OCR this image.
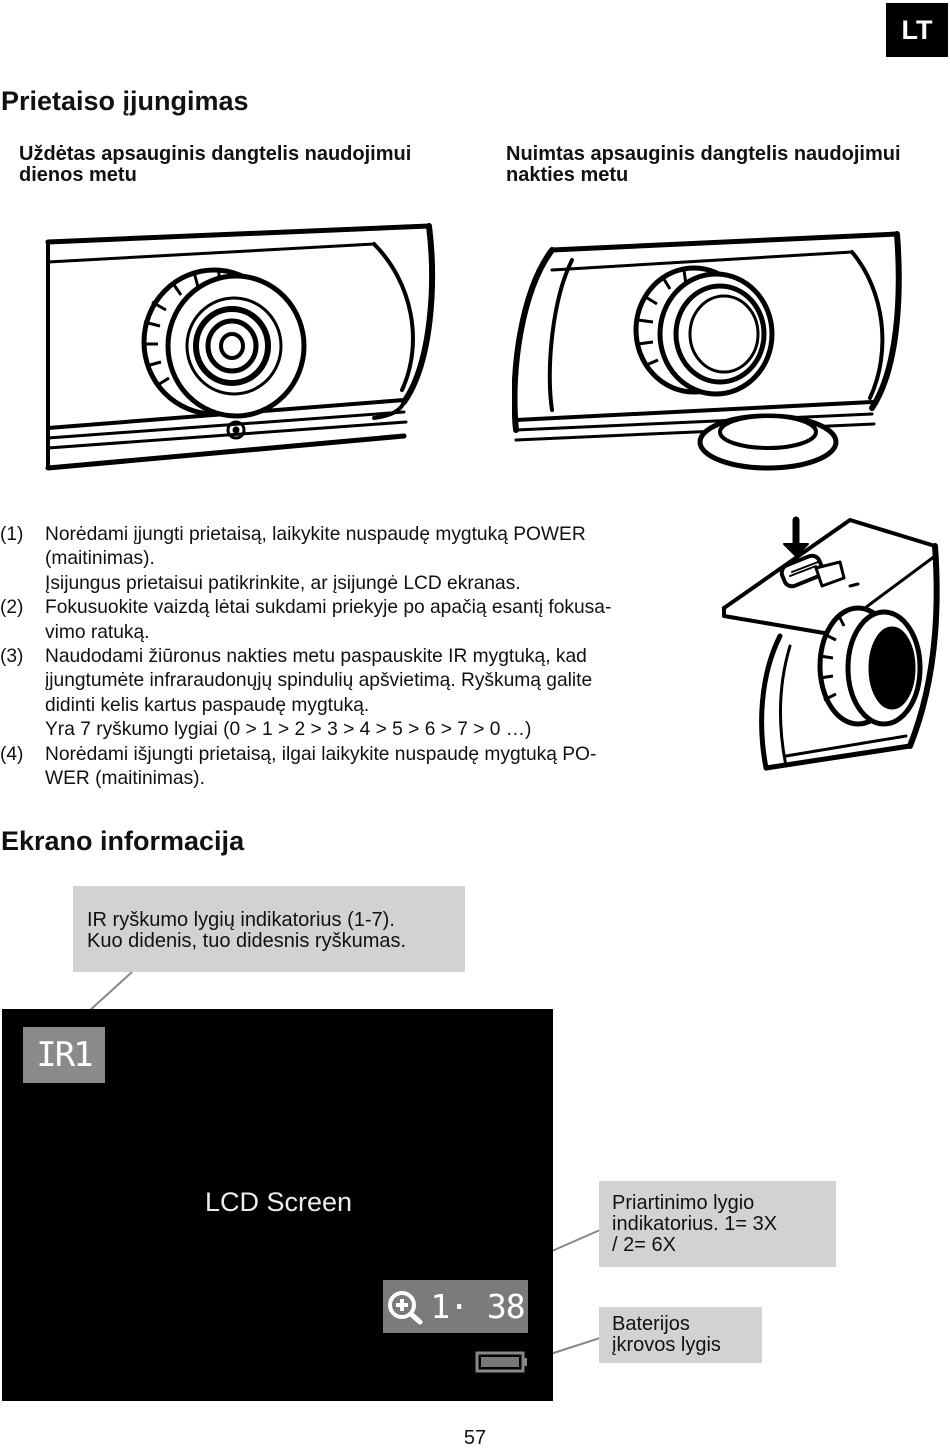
LT
Prietaiso įjungimas
Uždėtas apsauginis dangtelis naudojimui dienos metu
Nuimtas apsauginis dangtelis naudojimui nakties metu
(1)	Norėdami įjungti prietaisą, laikykite nuspaudę mygtuką POWER
(maitinimas).
Įsijungus prietaisui patikrinkite, ar įsijungė LCD ekranas.
(2)	Fokusuokite vaizdą lėtai sukdami priekyje po apačią esantį fokusa-
vimo ratuką.
(3)	Naudodami žiūronus nakties metu paspauskite IR mygtuką, kad
įjungtumėte infraraudonųjų spindulių apšvietimą. Ryškumą galite
didinti kelis kartus paspaudę mygtuką.
Yra 7 ryškumo lygiai (0 > 1 > 2 > 3 > 4 > 5 > 6 > 7 > 0 …)
(4)	Norėdami išjungti prietaisą, ilgai laikykite nuspaudę mygtuką PO-
WER (maitinimas).
Ekrano informacija
IR ryškumo lygių indikatorius (1-7).
Kuo didenis, tuo didesnis ryškumas.
IR1
LCD Screen
1· 38
Priartinimo lygio
indikatorius. 1= 3X
/ 2= 6X
Baterijos
įkrovos lygis
57
